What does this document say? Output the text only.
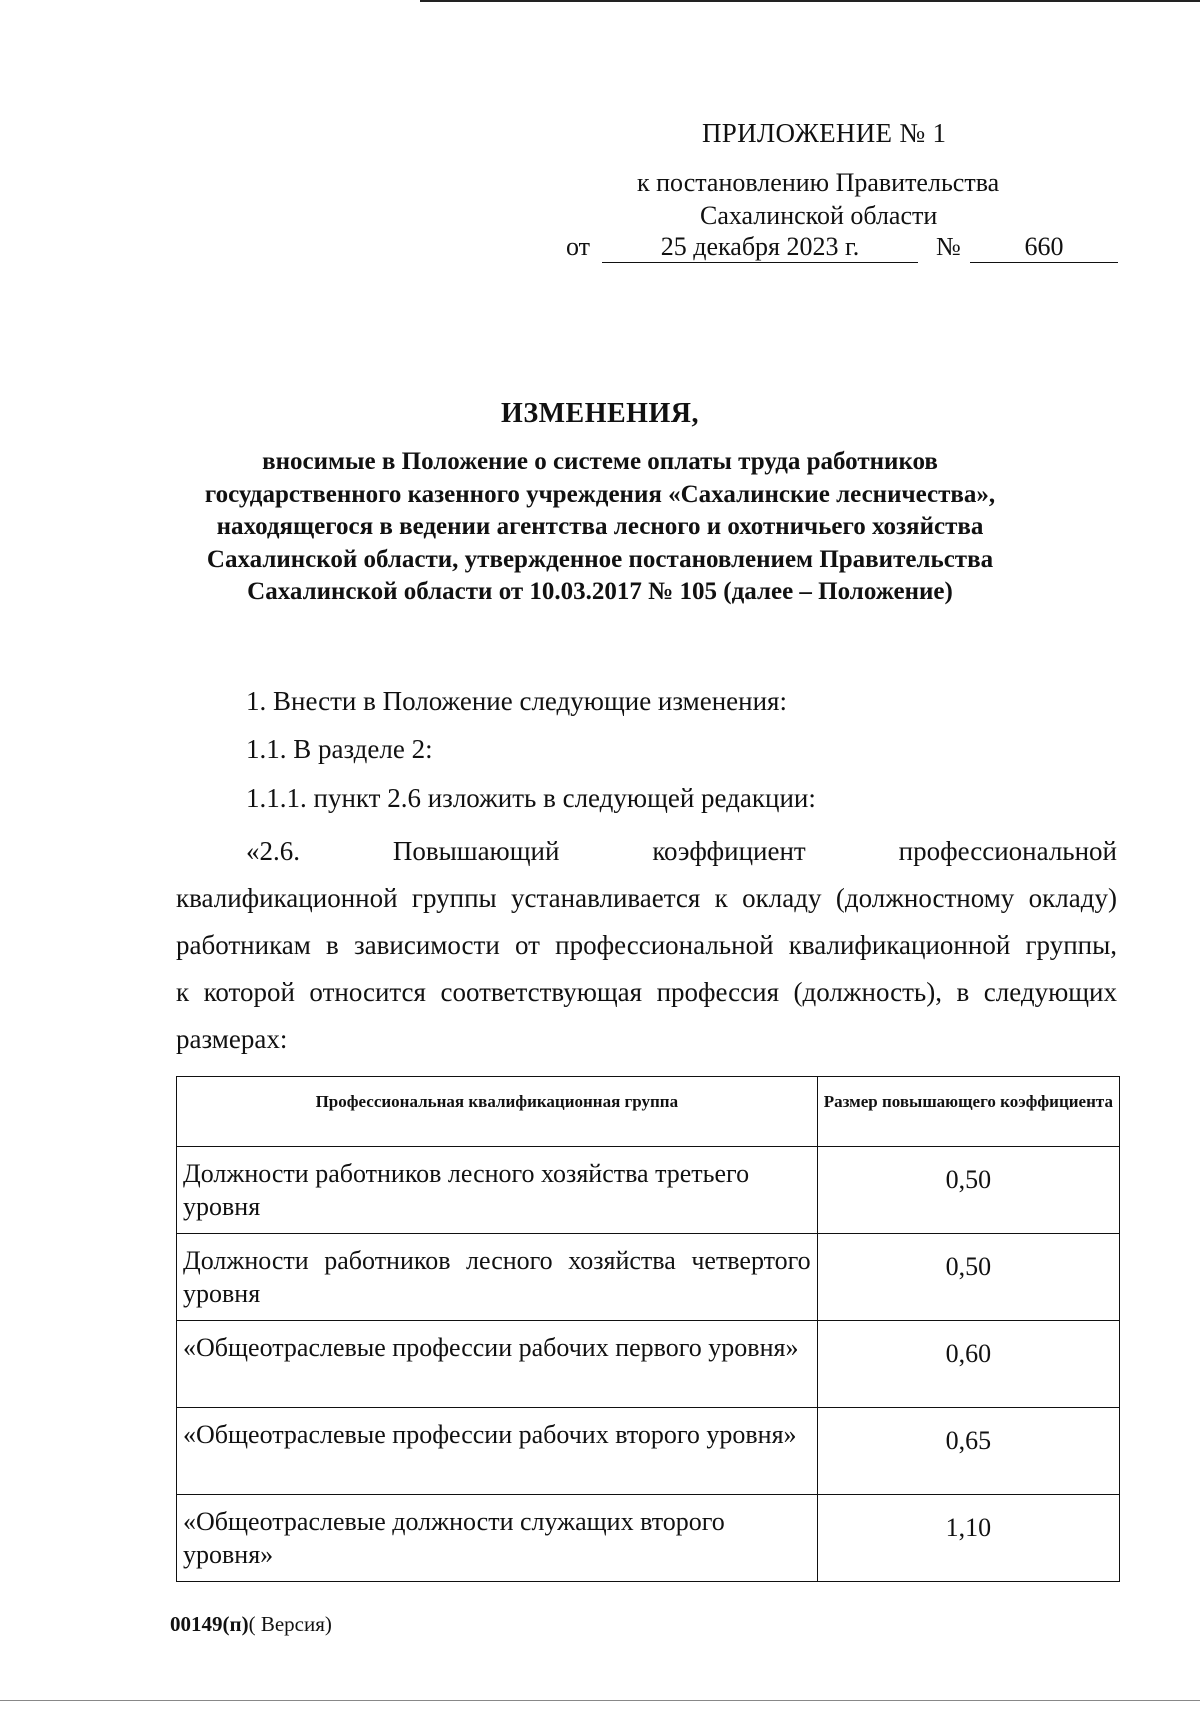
ПРИЛОЖЕНИЕ № 1
к постановлению Правительства
Сахалинской области
от	25 декабря 2023 г.	№	660
ИЗМЕНЕНИЯ,
вносимые в Положение о системе оплаты труда работников
государственного казенного учреждения «Сахалинские лесничества»,
находящегося в ведении агентства лесного и охотничьего хозяйства
Сахалинской области, утвержденное постановлением Правительства
Сахалинской области от 10.03.2017 № 105 (далее – Положение)
1. Внести в Положение следующие изменения:
1.1. В разделе 2:
1.1.1. пункт 2.6 изложить в следующей редакции:
«2.6. Повышающий коэффициент профессиональной
квалификационной группы устанавливается к окладу (должностному окладу)
работникам в зависимости от профессиональной квалификационной группы,
к которой относится соответствующая профессия (должность), в следующих
размерах:
Профессиональная квалификационная группа	Размер повышающего коэффициента
Должности работников лесного хозяйства третьего уровня	0,50
Должности работников лесного хозяйства четвертого уровня	0,50
«Общеотраслевые профессии рабочих первого уровня»	0,60
«Общеотраслевые профессии рабочих второго уровня»	0,65
«Общеотраслевые должности служащих второго уровня»	1,10
00149(п)( Версия)
